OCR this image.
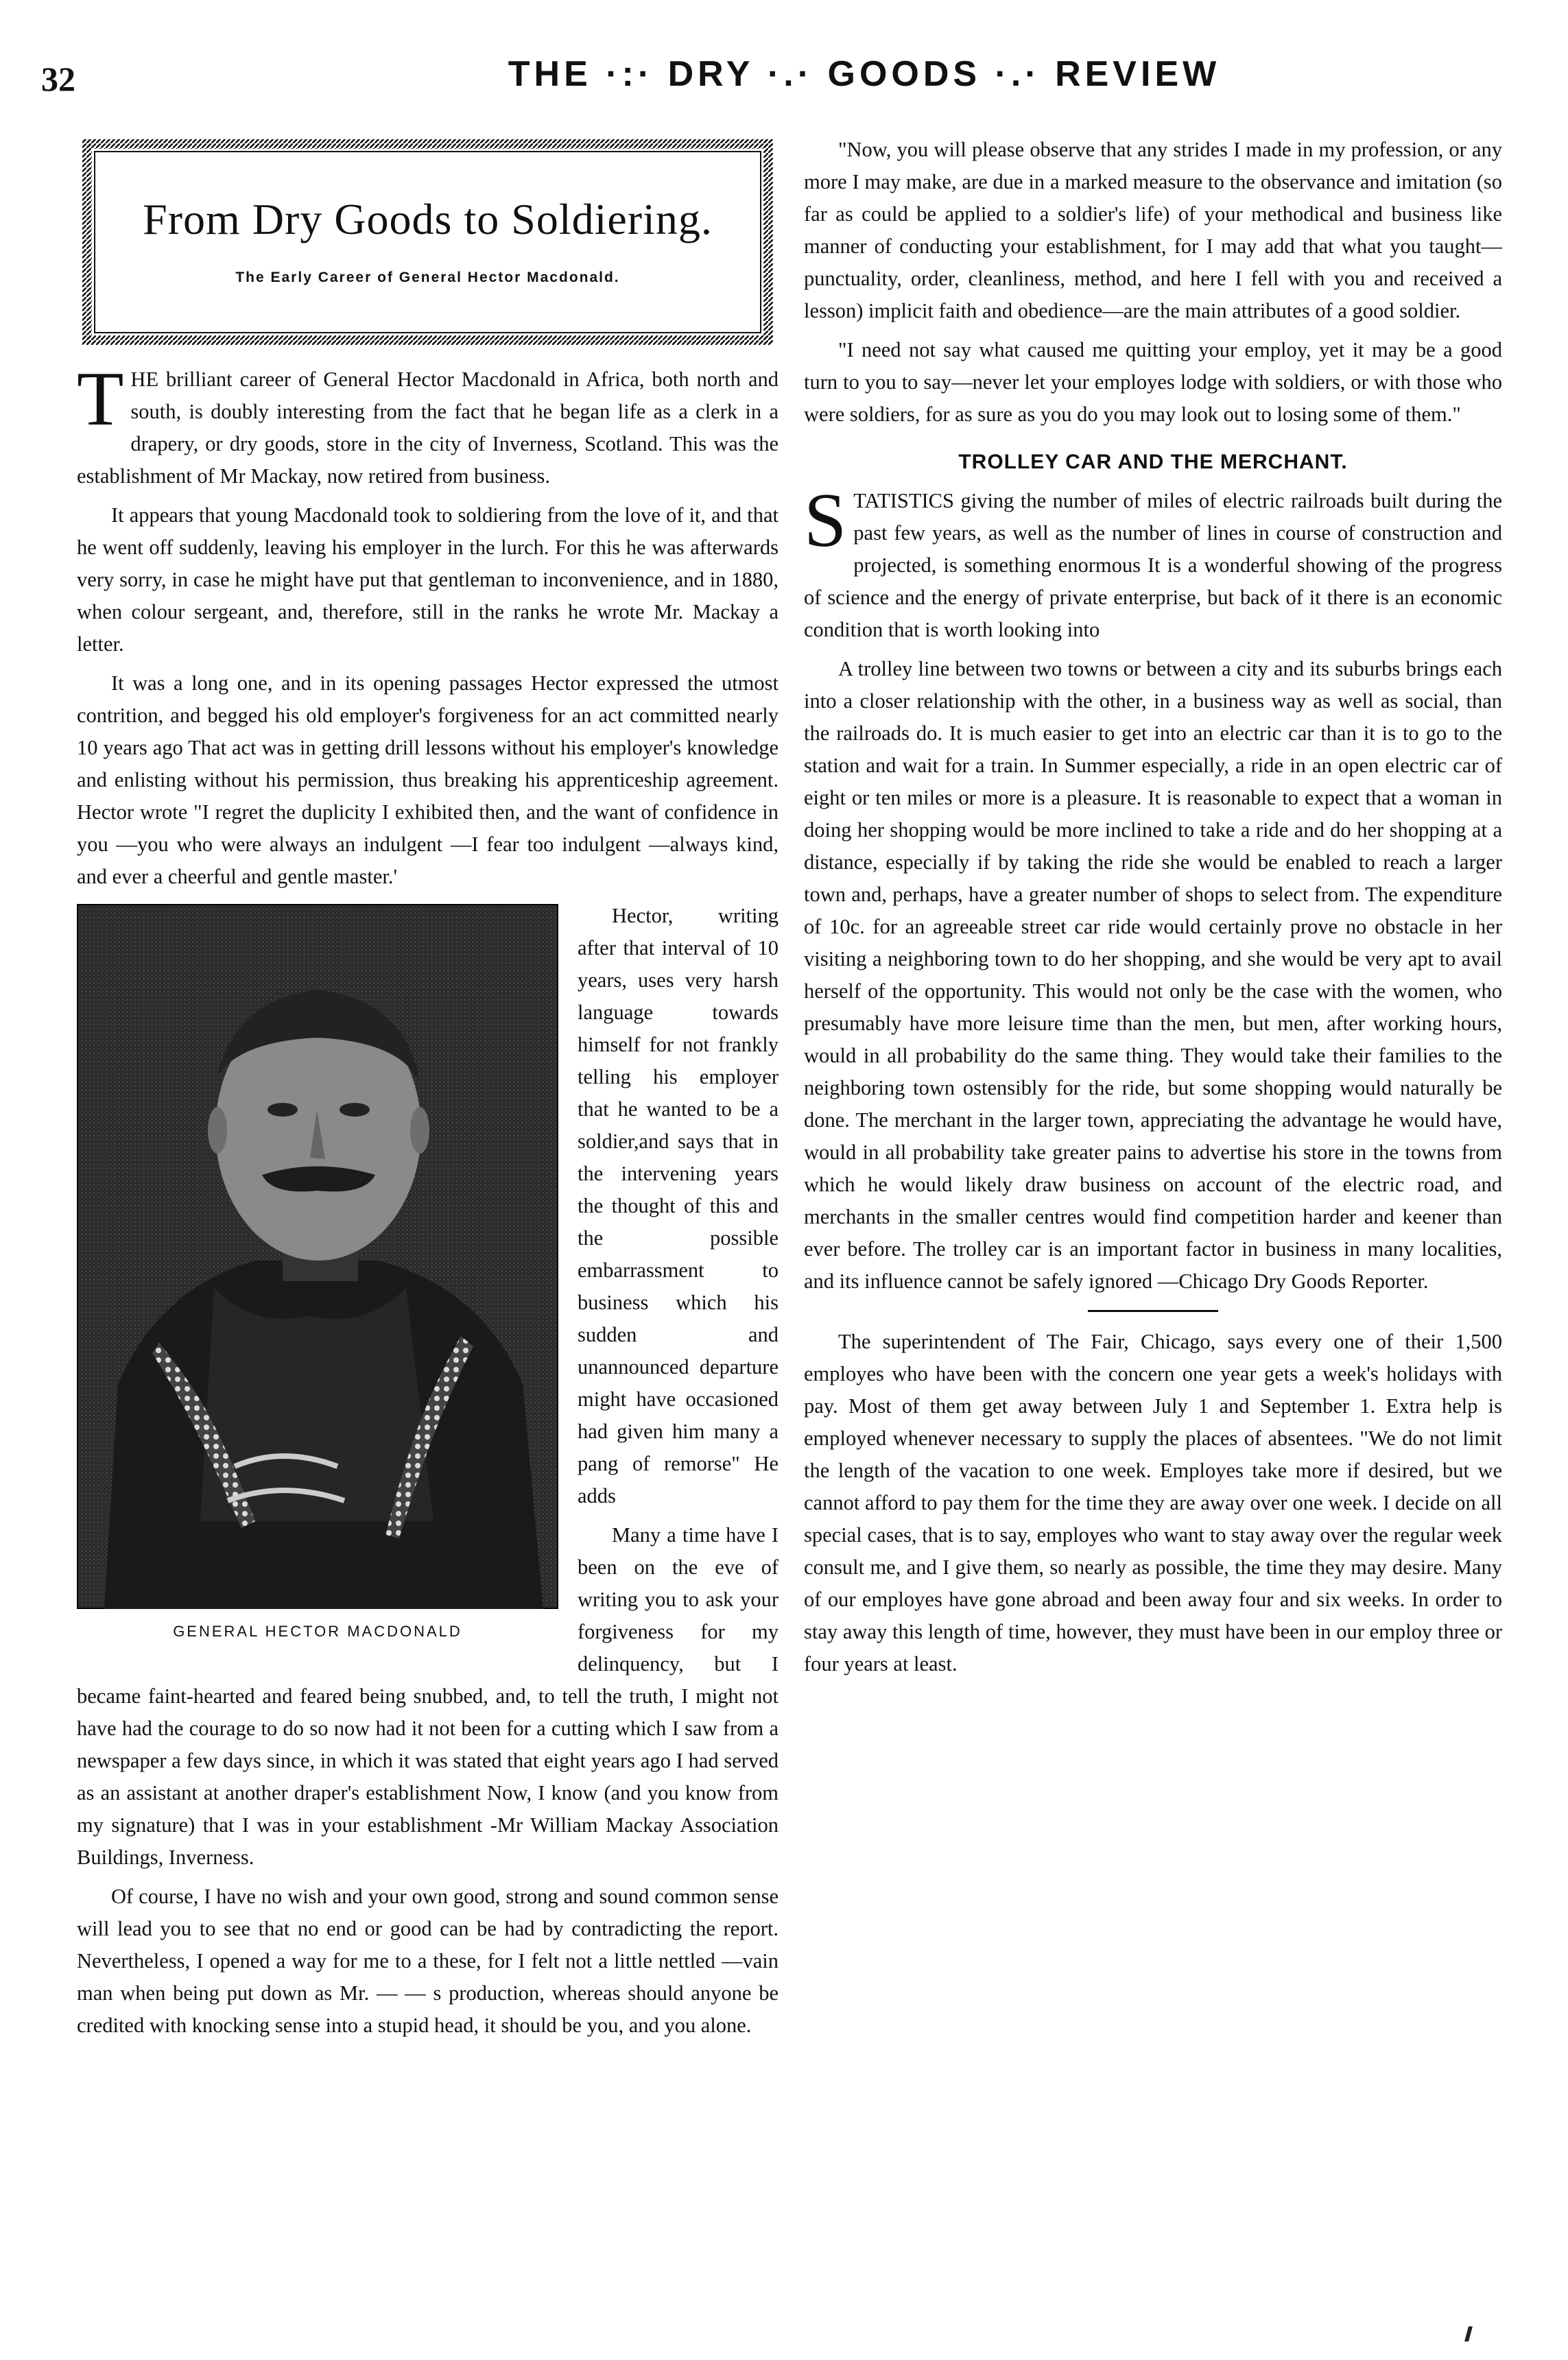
32	THE ·:· DRY ·.· GOODS ·.· REVIEW
From Dry Goods to Soldiering.
The Early Career of General Hector Macdonald.

THE brilliant career of General Hector Macdonald in Africa, both north and south, is doubly interesting from the fact that he began life as a clerk in a drapery, or dry goods, store in the city of Inverness, Scotland. This was the establishment of Mr Mackay, now retired from business.

It appears that young Macdonald took to soldiering from the love of it, and that he went off suddenly, leaving his employer in the lurch. For this he was afterwards very sorry, in case he might have put that gentleman to inconvenience, and in 1880, when colour sergeant, and, therefore, still in the ranks he wrote Mr. Mackay a letter.

It was a long one, and in its opening passages Hector expressed the utmost contrition, and begged his old employer's forgiveness for an act committed nearly 10 years ago That act was in getting drill lessons without his employer's knowledge and enlisting without his permission, thus breaking his apprenticeship agreement. Hector wrote "I regret the duplicity I exhibited then, and the want of confidence in you —you who were always an indulgent —I fear too indulgent —always kind, and ever a cheerful and gentle master.'

GENERAL HECTOR MACDONALD

Hector, writing after that interval of 10 years, uses very harsh language towards himself for not frankly telling his employer that he wanted to be a soldier,and says that in the intervening years the thought of this and the possible embarrassment to business which his sudden and unannounced departure might have occasioned had given him many a pang of remorse" He adds

Many a time have I been on the eve of writing you to ask your forgiveness for my delinquency, but I became faint-hearted and feared being snubbed, and, to tell the truth, I might not have had the courage to do so now had it not been for a cutting which I saw from a newspaper a few days since, in which it was stated that eight years ago I had served as an assistant at another draper's establishment Now, I know (and you know from my signature) that I was in your establishment -Mr William Mackay Association Buildings, Inverness.

Of course, I have no wish and your own good, strong and sound common sense will lead you to see that no end or good can be had by contradicting the report. Nevertheless, I opened a way for me to a these, for I felt not a little nettled —vain man when being put down as Mr. — — s production, whereas should anyone be credited with knocking sense into a stupid head, it should be you, and you alone.

"Now, you will please observe that any strides I made in my profession, or any more I may make, are due in a marked measure to the observance and imitation (so far as could be applied to a soldier's life) of your methodical and business like manner of conducting your establishment, for I may add that what you taught—punctuality, order, cleanliness, method, and here I fell with you and received a lesson) implicit faith and obedience—are the main attributes of a good soldier.

"I need not say what caused me quitting your employ, yet it may be a good turn to you to say—never let your employes lodge with soldiers, or with those who were soldiers, for as sure as you do you may look out to losing some of them."

TROLLEY CAR AND THE MERCHANT.

STATISTICS giving the number of miles of electric railroads built during the past few years, as well as the number of lines in course of construction and projected, is something enormous It is a wonderful showing of the progress of science and the energy of private enterprise, but back of it there is an economic condition that is worth looking into

A trolley line between two towns or between a city and its suburbs brings each into a closer relationship with the other, in a business way as well as social, than the railroads do. It is much easier to get into an electric car than it is to go to the station and wait for a train. In Summer especially, a ride in an open electric car of eight or ten miles or more is a pleasure. It is reasonable to expect that a woman in doing her shopping would be more inclined to take a ride and do her shopping at a distance, especially if by taking the ride she would be enabled to reach a larger town and, perhaps, have a greater number of shops to select from. The expenditure of 10c. for an agreeable street car ride would certainly prove no obstacle in her visiting a neighboring town to do her shopping, and she would be very apt to avail herself of the opportunity. This would not only be the case with the women, who presumably have more leisure time than the men, but men, after working hours, would in all probability do the same thing. They would take their families to the neighboring town ostensibly for the ride, but some shopping would naturally be done. The merchant in the larger town, appreciating the advantage he would have, would in all probability take greater pains to advertise his store in the towns from which he would likely draw business on account of the electric road, and merchants in the smaller centres would find competition harder and keener than ever before. The trolley car is an important factor in business in many localities, and its influence cannot be safely ignored —Chicago Dry Goods Reporter.

The superintendent of The Fair, Chicago, says every one of their 1,500 employes who have been with the concern one year gets a week's holidays with pay. Most of them get away between July 1 and September 1. Extra help is employed whenever necessary to supply the places of absentees. "We do not limit the length of the vacation to one week. Employes take more if desired, but we cannot afford to pay them for the time they are away over one week. I decide on all special cases, that is to say, employes who want to stay away over the regular week consult me, and I give them, so nearly as possible, the time they may desire. Many of our employes have gone abroad and been away four and six weeks. In order to stay away this length of time, however, they must have been in our employ three or four years at least.
